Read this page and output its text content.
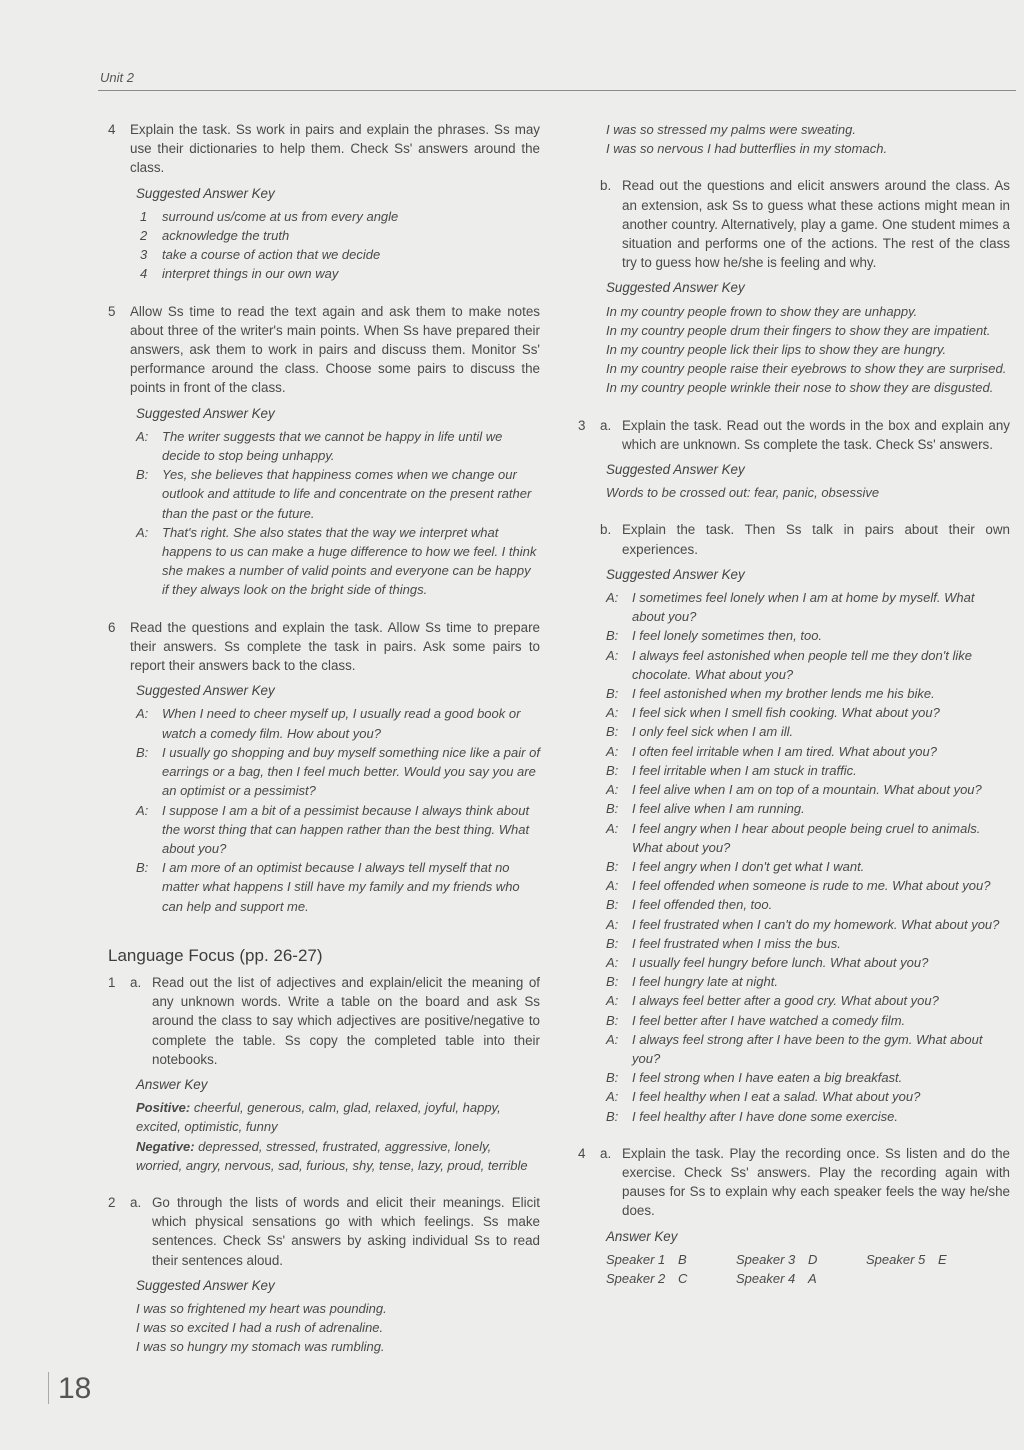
Unit 2
4	Explain the task. Ss work in pairs and explain the phrases. Ss may use their dictionaries to help them. Check Ss' answers around the class.
Suggested Answer Key
1	surround us/come at us from every angle
2	acknowledge the truth
3	take a course of action that we decide
4	interpret things in our own way
5	Allow Ss time to read the text again and ask them to make notes about three of the writer's main points. When Ss have prepared their answers, ask them to work in pairs and discuss them. Monitor Ss' performance around the class. Choose some pairs to discuss the points in front of the class.
Suggested Answer Key
A:	The writer suggests that we cannot be happy in life until we decide to stop being unhappy.
B:	Yes, she believes that happiness comes when we change our outlook and attitude to life and concentrate on the present rather than the past or the future.
A:	That's right. She also states that the way we interpret what happens to us can make a huge difference to how we feel. I think she makes a number of valid points and everyone can be happy if they always look on the bright side of things.
6	Read the questions and explain the task. Allow Ss time to prepare their answers. Ss complete the task in pairs. Ask some pairs to report their answers back to the class.
Suggested Answer Key
A:	When I need to cheer myself up, I usually read a good book or watch a comedy film. How about you?
B:	I usually go shopping and buy myself something nice like a pair of earrings or a bag, then I feel much better. Would you say you are an optimist or a pessimist?
A:	I suppose I am a bit of a pessimist because I always think about the worst thing that can happen rather than the best thing. What about you?
B:	I am more of an optimist because I always tell myself that no matter what happens I still have my family and my friends who can help and support me.
Language Focus (pp. 26-27)
1	a. Read out the list of adjectives and explain/elicit the meaning of any unknown words. Write a table on the board and ask Ss around the class to say which adjectives are positive/negative to complete the table. Ss copy the completed table into their notebooks.
Answer Key
Positive: cheerful, generous, calm, glad, relaxed, joyful, happy, excited, optimistic, funny
Negative: depressed, stressed, frustrated, aggressive, lonely, worried, angry, nervous, sad, furious, shy, tense, lazy, proud, terrible
2	a. Go through the lists of words and elicit their meanings. Elicit which physical sensations go with which feelings. Ss make sentences. Check Ss' answers by asking individual Ss to read their sentences aloud.
Suggested Answer Key
I was so frightened my heart was pounding.
I was so excited I had a rush of adrenaline.
I was so hungry my stomach was rumbling.
I was so stressed my palms were sweating.
I was so nervous I had butterflies in my stomach.
b. Read out the questions and elicit answers around the class. As an extension, ask Ss to guess what these actions might mean in another country. Alternatively, play a game. One student mimes a situation and performs one of the actions. The rest of the class try to guess how he/she is feeling and why.
Suggested Answer Key
In my country people frown to show they are unhappy.
In my country people drum their fingers to show they are impatient.
In my country people lick their lips to show they are hungry.
In my country people raise their eyebrows to show they are surprised.
In my country people wrinkle their nose to show they are disgusted.
3	a. Explain the task. Read out the words in the box and explain any which are unknown. Ss complete the task. Check Ss' answers.
Suggested Answer Key
Words to be crossed out: fear, panic, obsessive
b. Explain the task. Then Ss talk in pairs about their own experiences.
Suggested Answer Key
A:	I sometimes feel lonely when I am at home by myself. What about you?
B:	I feel lonely sometimes then, too.
A:	I always feel astonished when people tell me they don't like chocolate. What about you?
B:	I feel astonished when my brother lends me his bike.
A:	I feel sick when I smell fish cooking. What about you?
B:	I only feel sick when I am ill.
A:	I often feel irritable when I am tired. What about you?
B:	I feel irritable when I am stuck in traffic.
A:	I feel alive when I am on top of a mountain. What about you?
B:	I feel alive when I am running.
A:	I feel angry when I hear about people being cruel to animals. What about you?
B:	I feel angry when I don't get what I want.
A:	I feel offended when someone is rude to me. What about you?
B:	I feel offended then, too.
A:	I feel frustrated when I can't do my homework. What about you?
B:	I feel frustrated when I miss the bus.
A:	I usually feel hungry before lunch. What about you?
B:	I feel hungry late at night.
A:	I always feel better after a good cry. What about you?
B:	I feel better after I have watched a comedy film.
A:	I always feel strong after I have been to the gym. What about you?
B:	I feel strong when I have eaten a big breakfast.
A:	I feel healthy when I eat a salad. What about you?
B:	I feel healthy after I have done some exercise.
4	a. Explain the task. Play the recording once. Ss listen and do the exercise. Check Ss' answers. Play the recording again with pauses for Ss to explain why each speaker feels the way he/she does.
Answer Key
Speaker 1 B	Speaker 3 D	Speaker 5 E
Speaker 2 C	Speaker 4 A
18
